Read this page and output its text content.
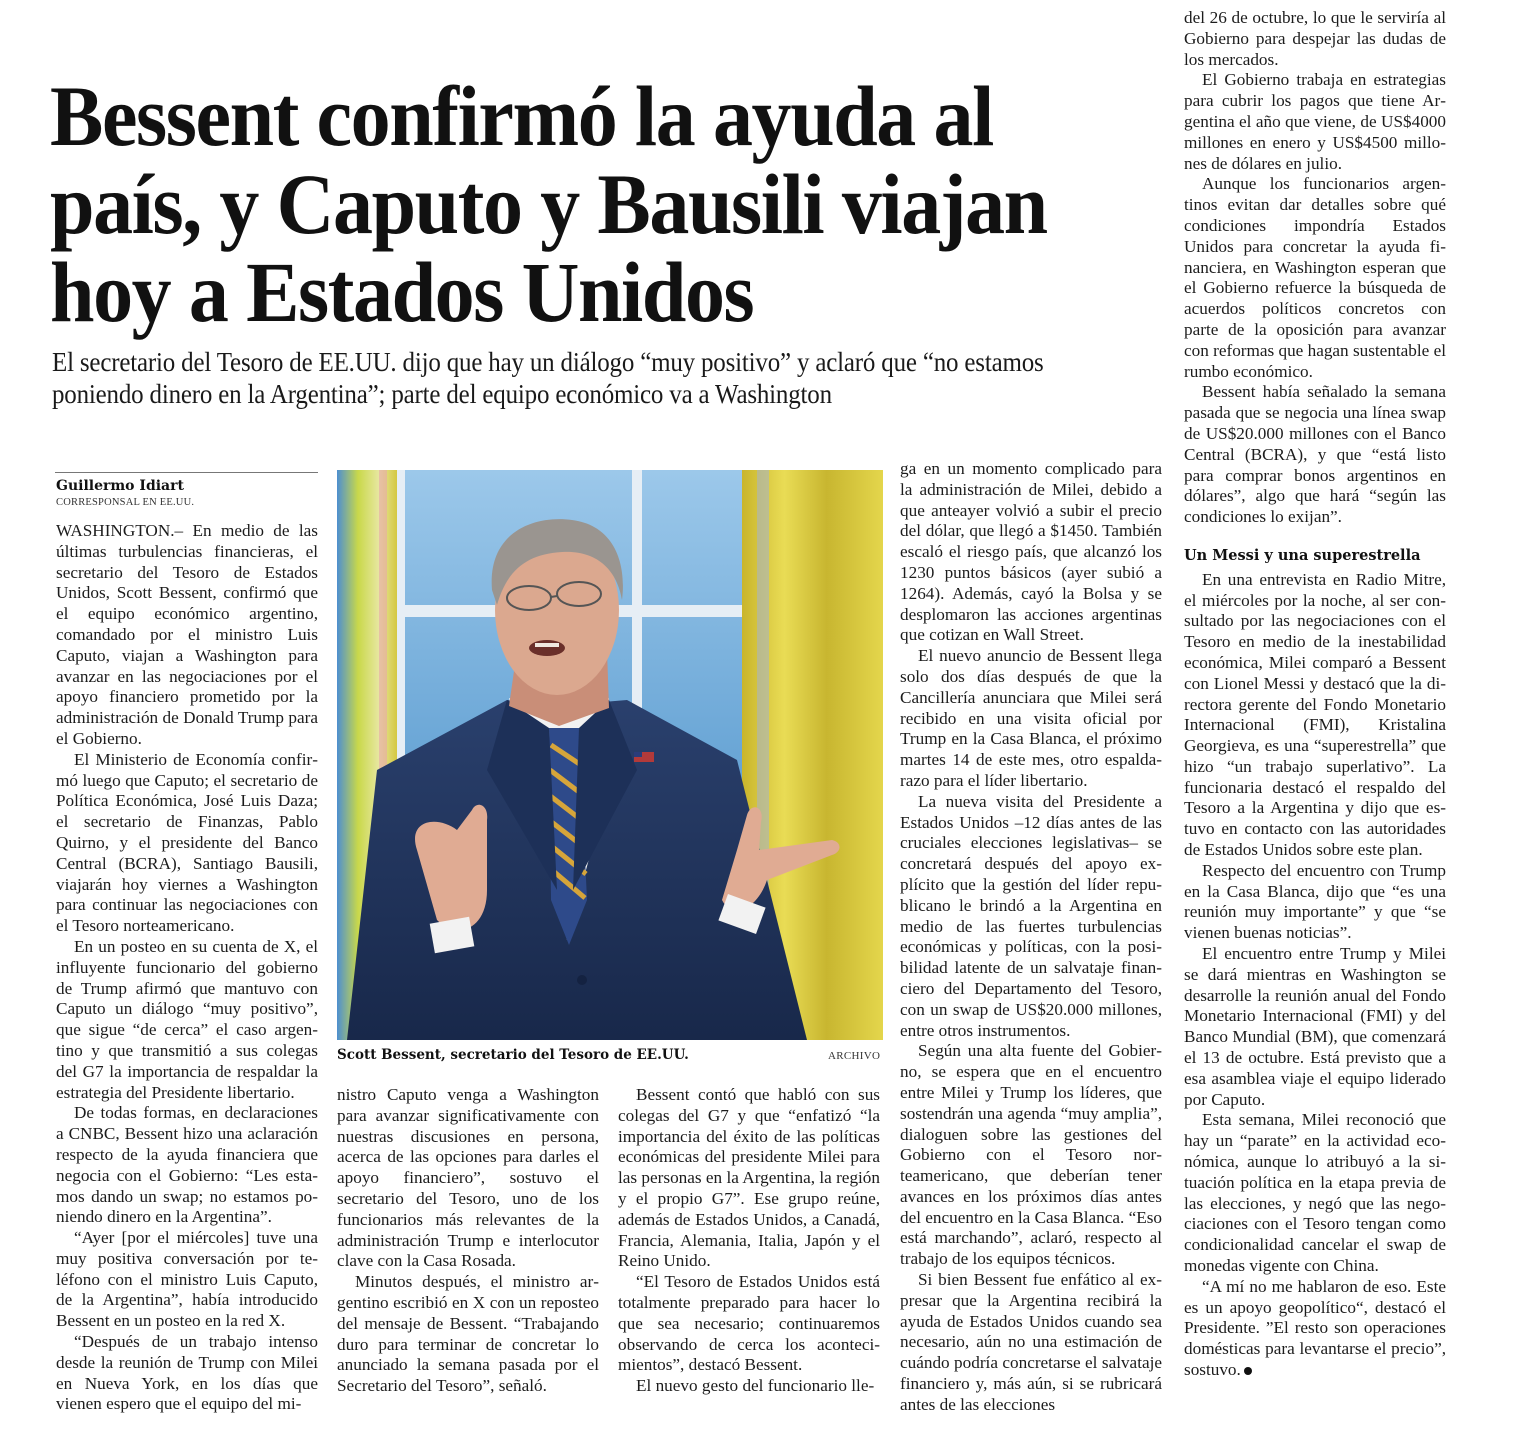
Bessent confirmó la ayuda al país, y Caputo y Bausili viajan hoy a Estados Unidos

El secretario del Tesoro de EE.UU. dijo que hay un diálogo “muy positivo” y aclaró que “no estamos poniendo dinero en la Argentina”; parte del equipo económico va a Washington

Guillermo Idiart
CORRESPONSAL EN EE.UU.

WASHINGTON.– En medio de las últimas turbulencias financieras, el secretario del Tesoro de Estados Unidos, Scott Bessent, confirmó que el equipo económico argentino, comandado por el ministro Luis Caputo, viajan a Washington para avanzar en las negociaciones por el apoyo financiero prometido por la administración de Donald Trump para el Gobierno.

El Ministerio de Economía confirmó luego que Caputo; el secretario de Política Económica, José Luis Daza; el secretario de Finanzas, Pablo Quirno, y el presidente del Banco Central (BCRA), Santiago Bausili, viajarán hoy viernes a Washington para continuar las negociaciones con el Tesoro norteamericano.

En un posteo en su cuenta de X, el influyente funcionario del gobierno de Trump afirmó que mantuvo con Caputo un diálogo “muy positivo”, que sigue “de cerca” el caso argentino y que transmitió a sus colegas del G7 la importancia de respaldar la estrategia del Presidente libertario.

De todas formas, en declaraciones a CNBC, Bessent hizo una aclaración respecto de la ayuda financiera que negocia con el Gobierno: “Les estamos dando un swap; no estamos poniendo dinero en la Argentina”.

“Ayer [por el miércoles] tuve una muy positiva conversación por teléfono con el ministro Luis Caputo, de la Argentina”, había introducido Bessent en un posteo en la red X.

“Después de un trabajo intenso desde la reunión de Trump con Milei en Nueva York, en los días que vienen espero que el equipo del mi-

Scott Bessent, secretario del Tesoro de EE.UU.	ARCHIVO

nistro Caputo venga a Washington para avanzar significativamente con nuestras discusiones en persona, acerca de las opciones para darles el apoyo financiero”, sostuvo el secretario del Tesoro, uno de los funcionarios más relevantes de la administración Trump e interlocutor clave con la Casa Rosada.

Minutos después, el ministro argentino escribió en X con un reposteo del mensaje de Bessent. “Trabajando duro para terminar de concretar lo anunciado la semana pasada por el Secretario del Tesoro”, señaló.

Bessent contó que habló con sus colegas del G7 y que “enfatizó “la importancia del éxito de las políticas económicas del presidente Milei para las personas en la Argentina, la región y el propio G7”. Ese grupo reúne, además de Estados Unidos, a Canadá, Francia, Alemania, Italia, Japón y el Reino Unido.

“El Tesoro de Estados Unidos está totalmente preparado para hacer lo que sea necesario; continuaremos observando de cerca los acontecimientos”, destacó Bessent.

El nuevo gesto del funcionario lle-

ga en un momento complicado para la administración de Milei, debido a que anteayer volvió a subir el precio del dólar, que llegó a $1450. También escaló el riesgo país, que alcanzó los 1230 puntos básicos (ayer subió a 1264). Además, cayó la Bolsa y se desplomaron las acciones argentinas que cotizan en Wall Street.

El nuevo anuncio de Bessent llega solo dos días después de que la Cancillería anunciara que Milei será recibido en una visita oficial por Trump en la Casa Blanca, el próximo martes 14 de este mes, otro espaldarazo para el líder libertario.

La nueva visita del Presidente a Estados Unidos –12 días antes de las cruciales elecciones legislativas– se concretará después del apoyo explícito que la gestión del líder republicano le brindó a la Argentina en medio de las fuertes turbulencias económicas y políticas, con la posibilidad latente de un salvataje financiero del Departamento del Tesoro, con un swap de US$20.000 millones, entre otros instrumentos.

Según una alta fuente del Gobierno, se espera que en el encuentro entre Milei y Trump los líderes, que sostendrán una agenda “muy amplia”, dialoguen sobre las gestiones del Gobierno con el Tesoro norteamericano, que deberían tener avances en los próximos días antes del encuentro en la Casa Blanca. “Eso está marchando”, aclaró, respecto al trabajo de los equipos técnicos.

Si bien Bessent fue enfático al expresar que la Argentina recibirá la ayuda de Estados Unidos cuando sea necesario, aún no una estimación de cuándo podría concretarse el salvataje financiero y, más aún, si se rubricará antes de las elecciones

del 26 de octubre, lo que le serviría al Gobierno para despejar las dudas de los mercados.

El Gobierno trabaja en estrategias para cubrir los pagos que tiene Argentina el año que viene, de US$4000 millones en enero y US$4500 millones de dólares en julio.

Aunque los funcionarios argentinos evitan dar detalles sobre qué condiciones impondría Estados Unidos para concretar la ayuda financiera, en Washington esperan que el Gobierno refuerce la búsqueda de acuerdos políticos concretos con parte de la oposición para avanzar con reformas que hagan sustentable el rumbo económico.

Bessent había señalado la semana pasada que se negocia una línea swap de US$20.000 millones con el Banco Central (BCRA), y que “está listo para comprar bonos argentinos en dólares”, algo que hará “según las condiciones lo exijan”.

Un Messi y una superestrella

En una entrevista en Radio Mitre, el miércoles por la noche, al ser consultado por las negociaciones con el Tesoro en medio de la inestabilidad económica, Milei comparó a Bessent con Lionel Messi y destacó que la directora gerente del Fondo Monetario Internacional (FMI), Kristalina Georgieva, es una “superestrella” que hizo “un trabajo superlativo”. La funcionaria destacó el respaldo del Tesoro a la Argentina y dijo que estuvo en contacto con las autoridades de Estados Unidos sobre este plan.

Respecto del encuentro con Trump en la Casa Blanca, dijo que “es una reunión muy importante” y que “se vienen buenas noticias”.

El encuentro entre Trump y Milei se dará mientras en Washington se desarrolle la reunión anual del Fondo Monetario Internacional (FMI) y del Banco Mundial (BM), que comenzará el 13 de octubre. Está previsto que a esa asamblea viaje el equipo liderado por Caputo.

Esta semana, Milei reconoció que hay un “parate” en la actividad económica, aunque lo atribuyó a la situación política en la etapa previa de las elecciones, y negó que las negociaciones con el Tesoro tengan como condicionalidad cancelar el swap de monedas vigente con China.

“A mí no me hablaron de eso. Este es un apoyo geopolítico“, destacó el Presidente. ”El resto son operaciones domésticas para levantarse el precio”, sostuvo.
